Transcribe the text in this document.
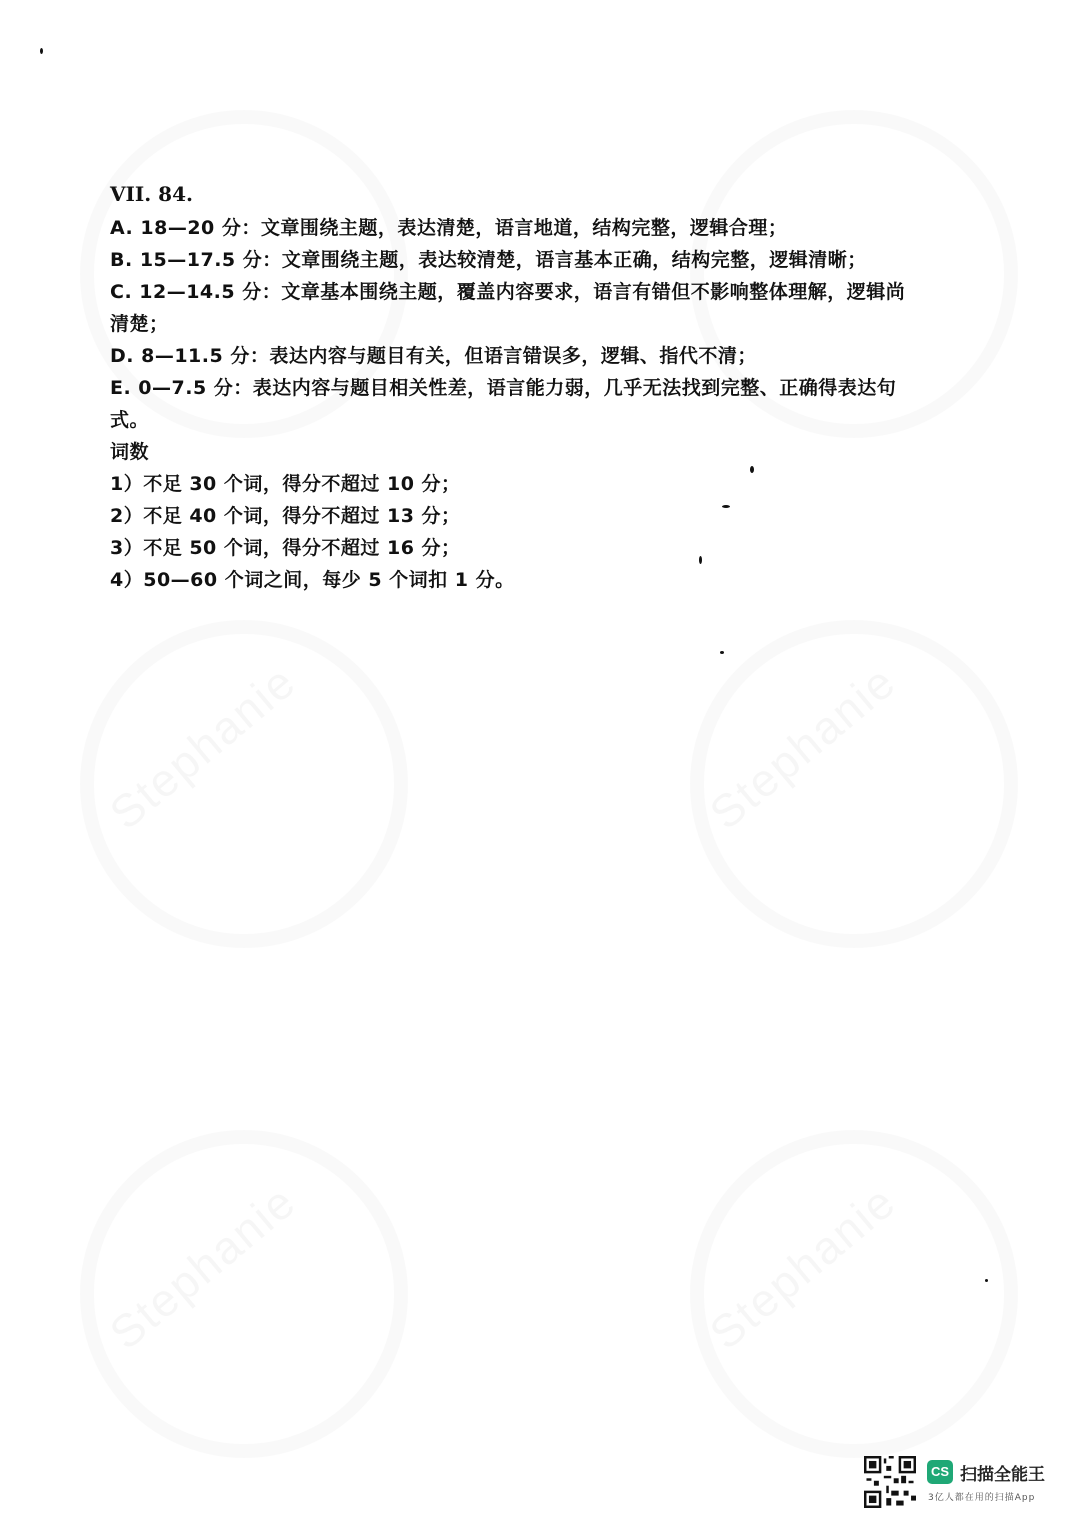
VII. 84.

A. 18—20 分：文章围绕主题，表达清楚，语言地道，结构完整，逻辑合理；

B. 15—17.5 分：文章围绕主题，表达较清楚，语言基本正确，结构完整，逻辑清晰；

C. 12—14.5 分：文章基本围绕主题，覆盖内容要求，语言有错但不影响整体理解，逻辑尚

清楚；

D. 8—11.5 分：表达内容与题目有关，但语言错误多，逻辑、指代不清；

E. 0—7.5 分：表达内容与题目相关性差，语言能力弱，几乎无法找到完整、正确得表达句

式。

词数

1）不足 30 个词，得分不超过 10 分；

2）不足 40 个词，得分不超过 13 分；

3）不足 50 个词，得分不超过 16 分；

4）50—60 个词之间，每少 5 个词扣 1 分。

CS 扫描全能王
3亿人都在用的扫描App
